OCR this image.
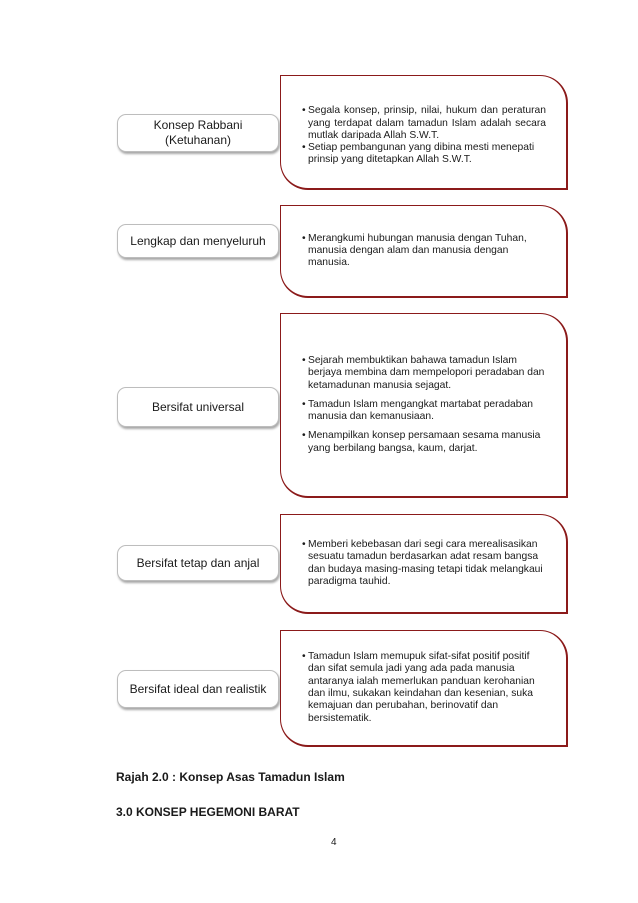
Konsep Rabbani
(Ketuhanan)

• Segala konsep, prinsip, nilai, hukum dan peraturan yang terdapat dalam tamadun Islam adalah secara mutlak daripada Allah S.W.T.

• Setiap pembangunan yang dibina mesti menepati prinsip yang ditetapkan Allah S.W.T.

Lengkap dan menyeluruh

•	Merangkumi hubungan manusia dengan Tuhan, manusia dengan alam dan manusia dengan manusia.

Bersifat universal

• Sejarah membuktikan bahawa tamadun Islam berjaya membina dam mempelopori peradaban dan ketamadunan manusia sejagat.

• Tamadun Islam mengangkat martabat peradaban manusia dan kemanusiaan.

• Menampilkan konsep persamaan sesama manusia yang berbilang bangsa, kaum, darjat.

Bersifat tetap dan anjal

• Memberi kebebasan dari segi cara merealisasikan sesuatu tamadun berdasarkan adat resam bangsa dan budaya masing-masing tetapi tidak melangkaui paradigma tauhid.

Bersifat ideal dan realistik

• Tamadun Islam memupuk sifat-sifat positif positif dan sifat semula jadi yang ada pada manusia antaranya ialah memerlukan panduan kerohanian dan ilmu, sukakan keindahan dan kesenian, suka kemajuan dan perubahan, berinovatif dan bersistematik.

Rajah 2.0 : Konsep Asas Tamadun Islam
3.0 KONSEP HEGEMONI BARAT
4
